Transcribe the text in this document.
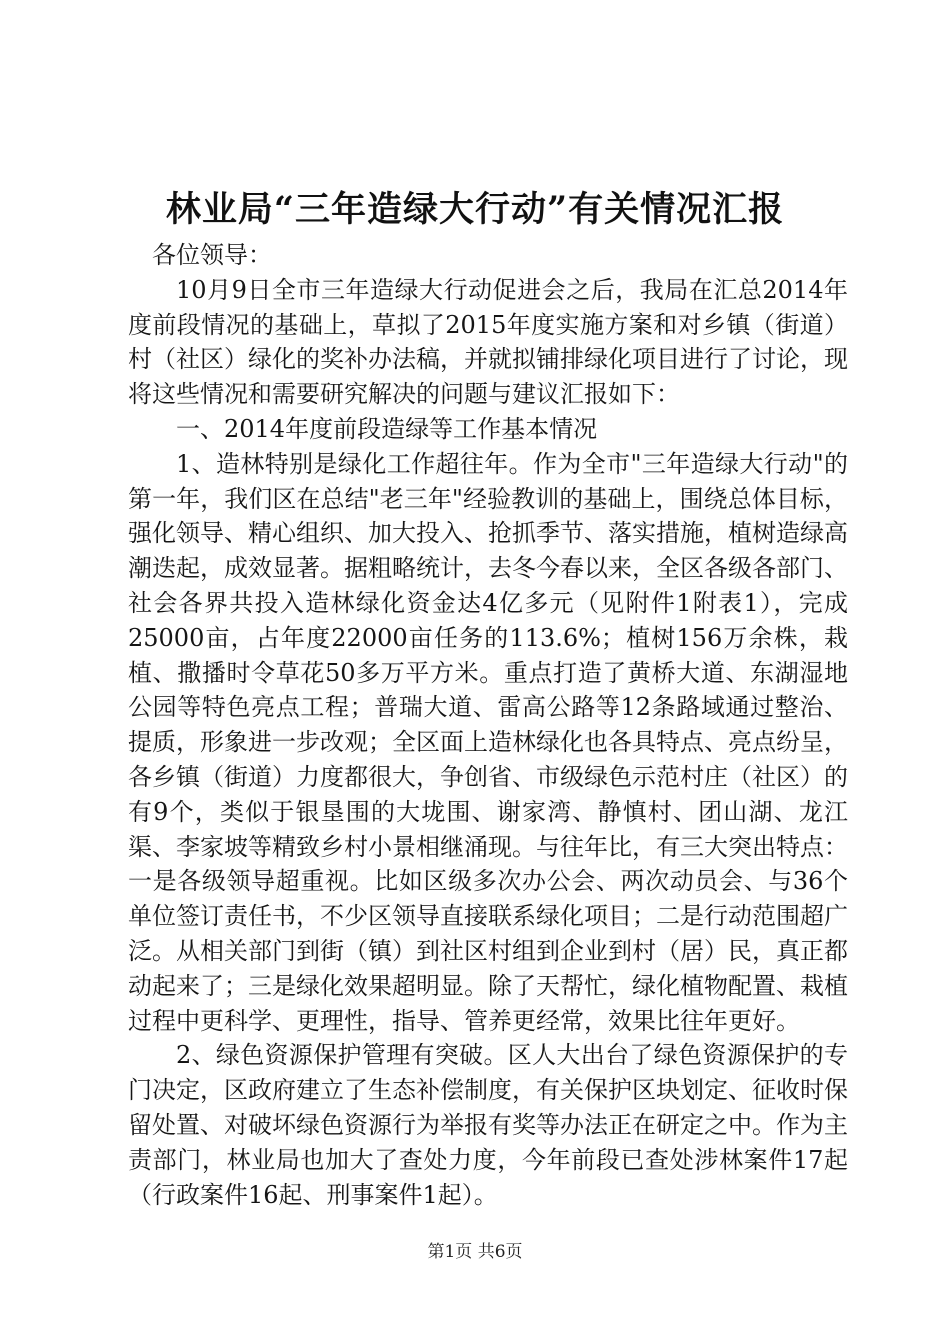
林业局“三年造绿大行动”有关情况汇报

各位领导：

10月9日全市三年造绿大行动促进会之后，我局在汇总2014年度前段情况的基础上，草拟了2015年度实施方案和对乡镇（街道）村（社区）绿化的奖补办法稿，并就拟铺排绿化项目进行了讨论，现将这些情况和需要研究解决的问题与建议汇报如下：

一、2014年度前段造绿等工作基本情况

1、造林特别是绿化工作超往年。作为全市"三年造绿大行动"的第一年，我们区在总结"老三年"经验教训的基础上，围绕总体目标，强化领导、精心组织、加大投入、抢抓季节、落实措施，植树造绿高潮迭起，成效显著。据粗略统计，去冬今春以来，全区各级各部门、社会各界共投入造林绿化资金达4亿多元（见附件1附表1），完成25000亩，占年度22000亩任务的113.6%；植树156万余株，栽植、撒播时令草花50多万平方米。重点打造了黄桥大道、东湖湿地公园等特色亮点工程；普瑞大道、雷高公路等12条路域通过整治、提质，形象进一步改观；全区面上造林绿化也各具特点、亮点纷呈，各乡镇（街道）力度都很大，争创省、市级绿色示范村庄（社区）的有9个，类似于银垦围的大垅围、谢家湾、静慎村、团山湖、龙江渠、李家坡等精致乡村小景相继涌现。与往年比，有三大突出特点：一是各级领导超重视。比如区级多次办公会、两次动员会、与36个单位签订责任书，不少区领导直接联系绿化项目；二是行动范围超广泛。从相关部门到街（镇）到社区村组到企业到村（居）民，真正都动起来了；三是绿化效果超明显。除了天帮忙，绿化植物配置、栽植过程中更科学、更理性，指导、管养更经常，效果比往年更好。

2、绿色资源保护管理有突破。区人大出台了绿色资源保护的专门决定，区政府建立了生态补偿制度，有关保护区块划定、征收时保留处置、对破坏绿色资源行为举报有奖等办法正在研定之中。作为主责部门，林业局也加大了查处力度，今年前段已查处涉林案件17起（行政案件16起、刑事案件1起）。

第1页 共6页
